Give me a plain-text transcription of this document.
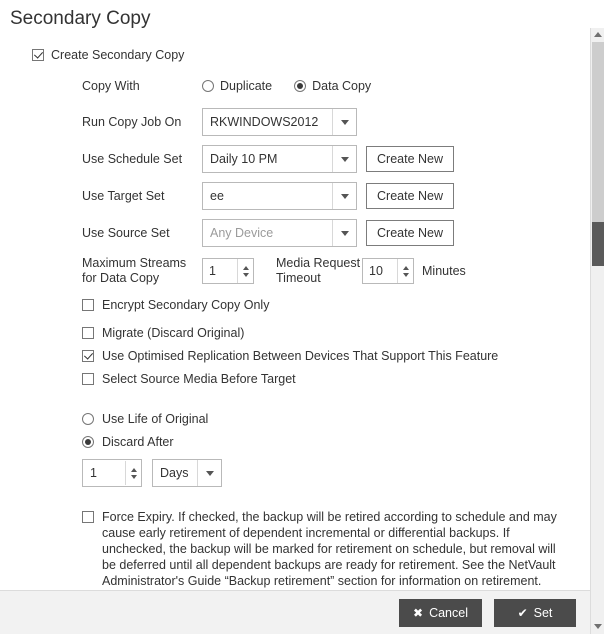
Secondary Copy
Create Secondary Copy
Copy With	Duplicate	Data Copy
Run Copy Job On	RKWINDOWS2012
Use Schedule Set	Daily 10 PM	Create New
Use Target Set	ee	Create New
Use Source Set	Any Device	Create New
Maximum Streams for Data Copy	1
Media Request Timeout	10	Minutes
Encrypt Secondary Copy Only
Migrate (Discard Original)
Use Optimised Replication Between Devices That Support This Feature
Select Source Media Before Target
Use Life of Original
Discard After
1	Days

Force Expiry. If checked, the backup will be retired according to schedule and may cause early retirement of dependent incremental or differential backups. If unchecked, the backup will be marked for retirement on schedule, but removal will be deferred until all dependent backups are ready for retirement. See the NetVault Administrator's Guide “Backup retirement” section for information on retirement.

✖ Cancel	✔ Set
